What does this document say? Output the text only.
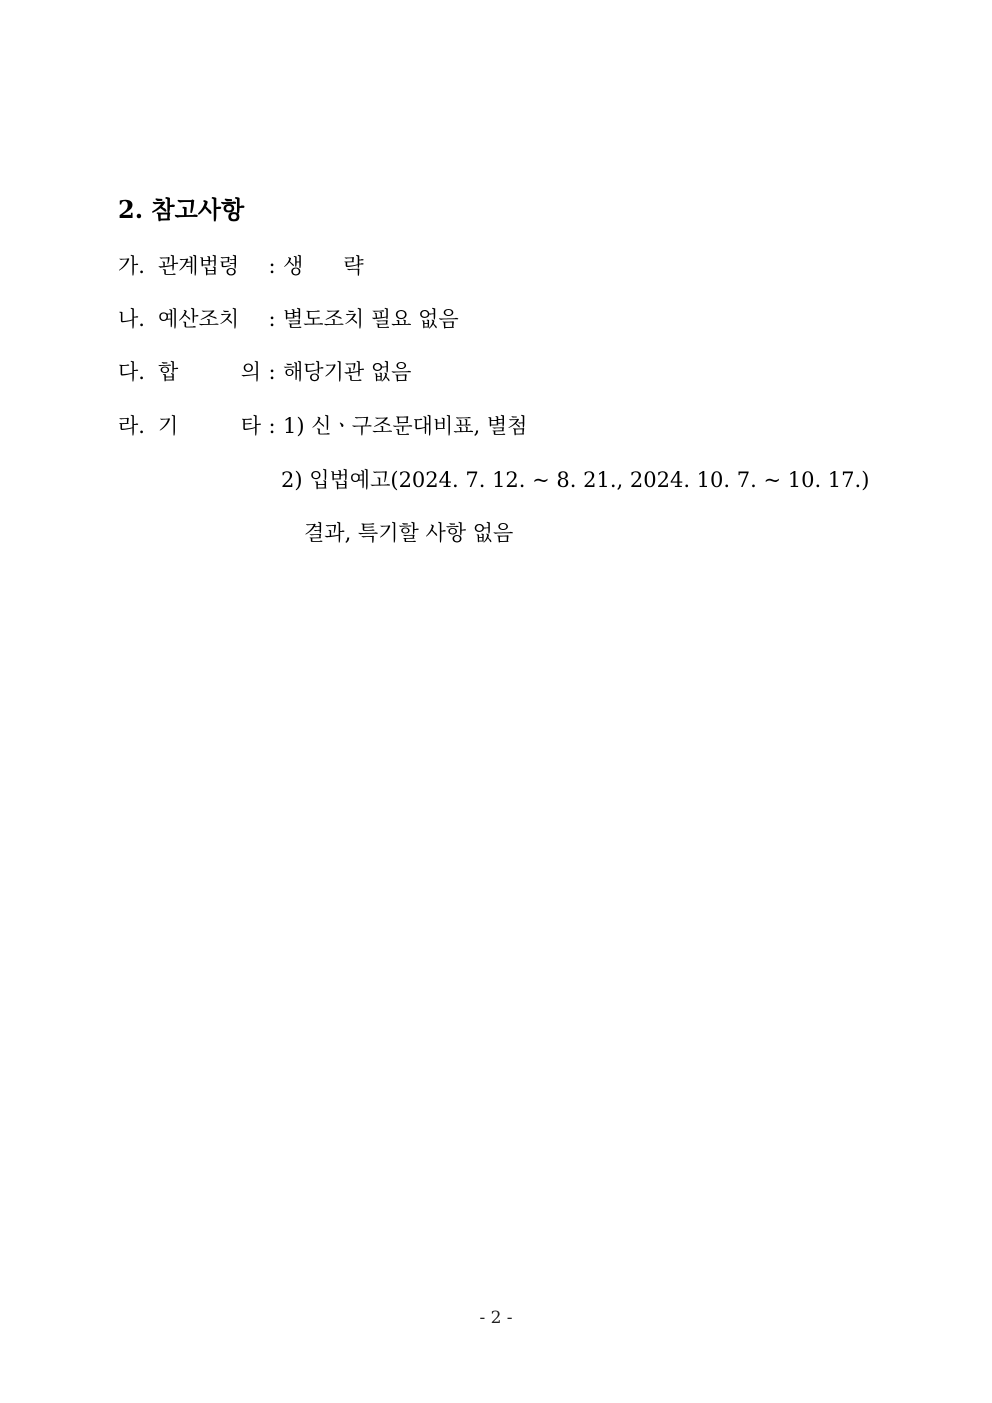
2. 참고사항
가. 관계법령 : 생      략
나. 예산조치 : 별도조치 필요 없음
다. 합 의 : 해당기관 없음
라. 기 타 : 1) 신ㆍ구조문대비표, 별첨
2) 입법예고(2024. 7. 12. ~ 8. 21., 2024. 10. 7. ~ 10. 17.)
결과, 특기할 사항 없음
- 2 -
